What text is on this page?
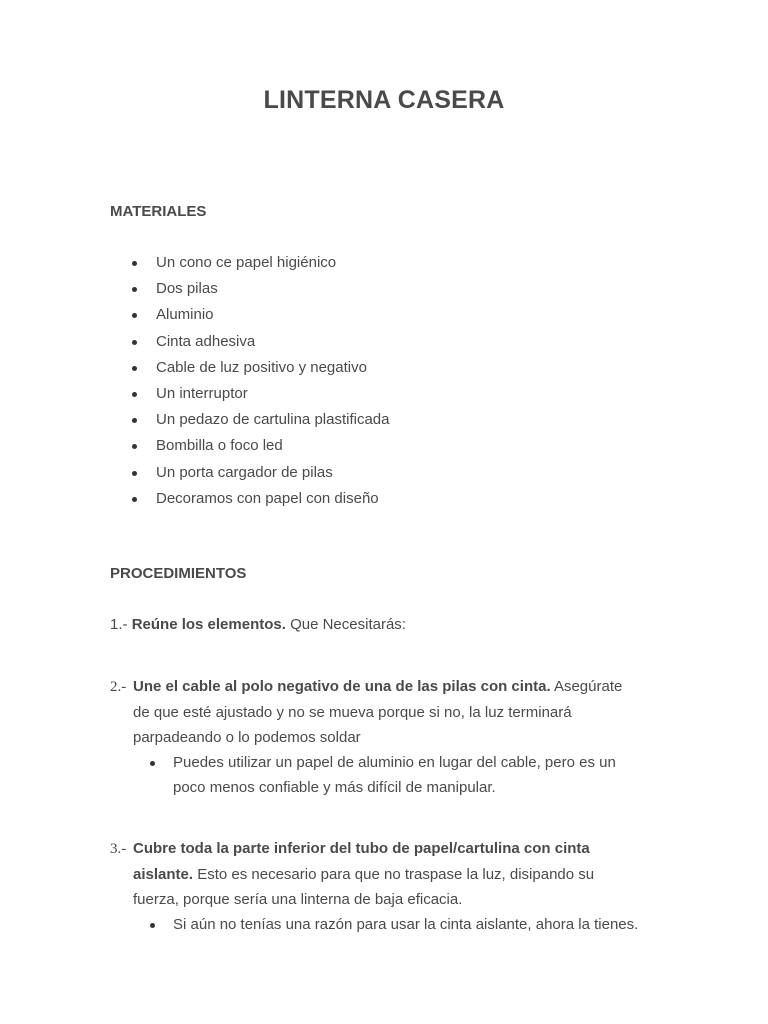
LINTERNA CASERA
MATERIALES
Un cono ce papel higiénico
Dos pilas
Aluminio
Cinta adhesiva
Cable de luz positivo y negativo
Un interruptor
Un pedazo de cartulina plastificada
Bombilla o foco led
Un porta cargador de pilas
Decoramos con papel con diseño
PROCEDIMIENTOS
1.- Reúne los elementos. Que Necesitarás:
2.- Une el cable al polo negativo de una de las pilas con cinta. Asegúrate
de que esté ajustado y no se mueva porque si no, la luz terminará
parpadeando o lo podemos soldar
Puedes utilizar un papel de aluminio en lugar del cable, pero es un
poco menos confiable y más difícil de manipular.
3.- Cubre toda la parte inferior del tubo de papel/cartulina con cinta
aislante. Esto es necesario para que no traspase la luz, disipando su
fuerza, porque sería una linterna de baja eficacia.
Si aún no tenías una razón para usar la cinta aislante, ahora la tienes.
